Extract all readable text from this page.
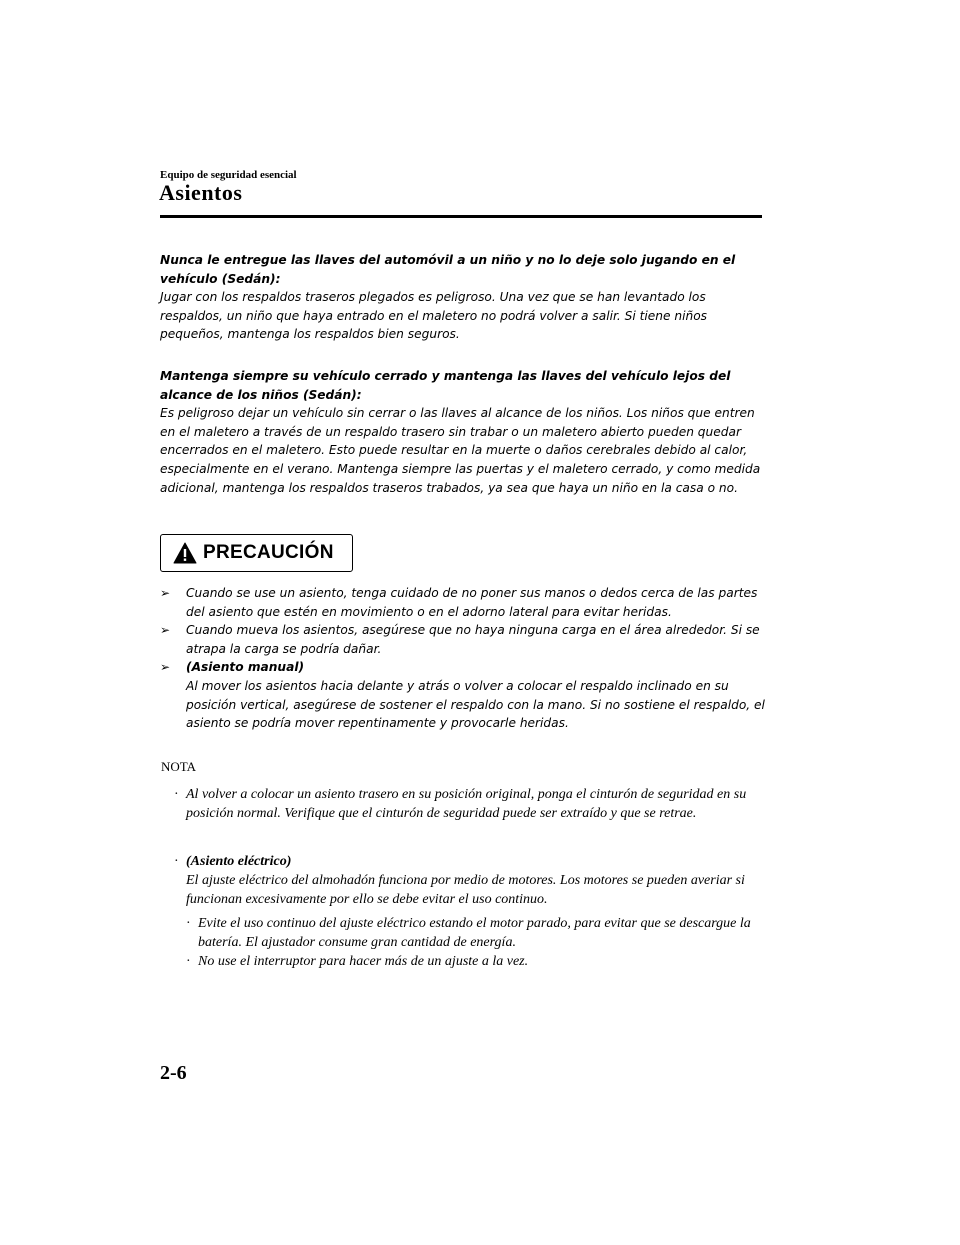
Equipo de seguridad esencial
Asientos

Nunca le entregue las llaves del automóvil a un niño y no lo deje solo jugando en el vehículo (Sedán):

Jugar con los respaldos traseros plegados es peligroso. Una vez que se han levantado los respaldos, un niño que haya entrado en el maletero no podrá volver a salir. Si tiene niños pequeños, mantenga los respaldos bien seguros.

Mantenga siempre su vehículo cerrado y mantenga las llaves del vehículo lejos del alcance de los niños (Sedán):

Es peligroso dejar un vehículo sin cerrar o las llaves al alcance de los niños. Los niños que entren en el maletero a través de un respaldo trasero sin trabar o un maletero abierto pueden quedar encerrados en el maletero. Esto puede resultar en la muerte o daños cerebrales debido al calor, especialmente en el verano. Mantenga siempre las puertas y el maletero cerrado, y como medida adicional, mantenga los respaldos traseros trabados, ya sea que haya un niño en la casa o no.

PRECAUCIÓN
➢	Cuando se use un asiento, tenga cuidado de no poner sus manos o dedos cerca de las partes del asiento que estén en movimiento o en el adorno lateral para evitar heridas.
➢	Cuando mueva los asientos, asegúrese que no haya ninguna carga en el área alrededor. Si se atrapa la carga se podría dañar.
➢	(Asiento manual)
Al mover los asientos hacia delante y atrás o volver a colocar el respaldo inclinado en su posición vertical, asegúrese de sostener el respaldo con la mano. Si no sostiene el respaldo, el asiento se podría mover repentinamente y provocarle heridas.
NOTA
· Al volver a colocar un asiento trasero en su posición original, ponga el cinturón de seguridad en su posición normal. Verifique que el cinturón de seguridad puede ser extraído y que se retrae.
· (Asiento eléctrico)
El ajuste eléctrico del almohadón funciona por medio de motores. Los motores se pueden averiar si funcionan excesivamente por ello se debe evitar el uso continuo.
· Evite el uso continuo del ajuste eléctrico estando el motor parado, para evitar que se descargue la batería. El ajustador consume gran cantidad de energía.
· No use el interruptor para hacer más de un ajuste a la vez.
2-6
